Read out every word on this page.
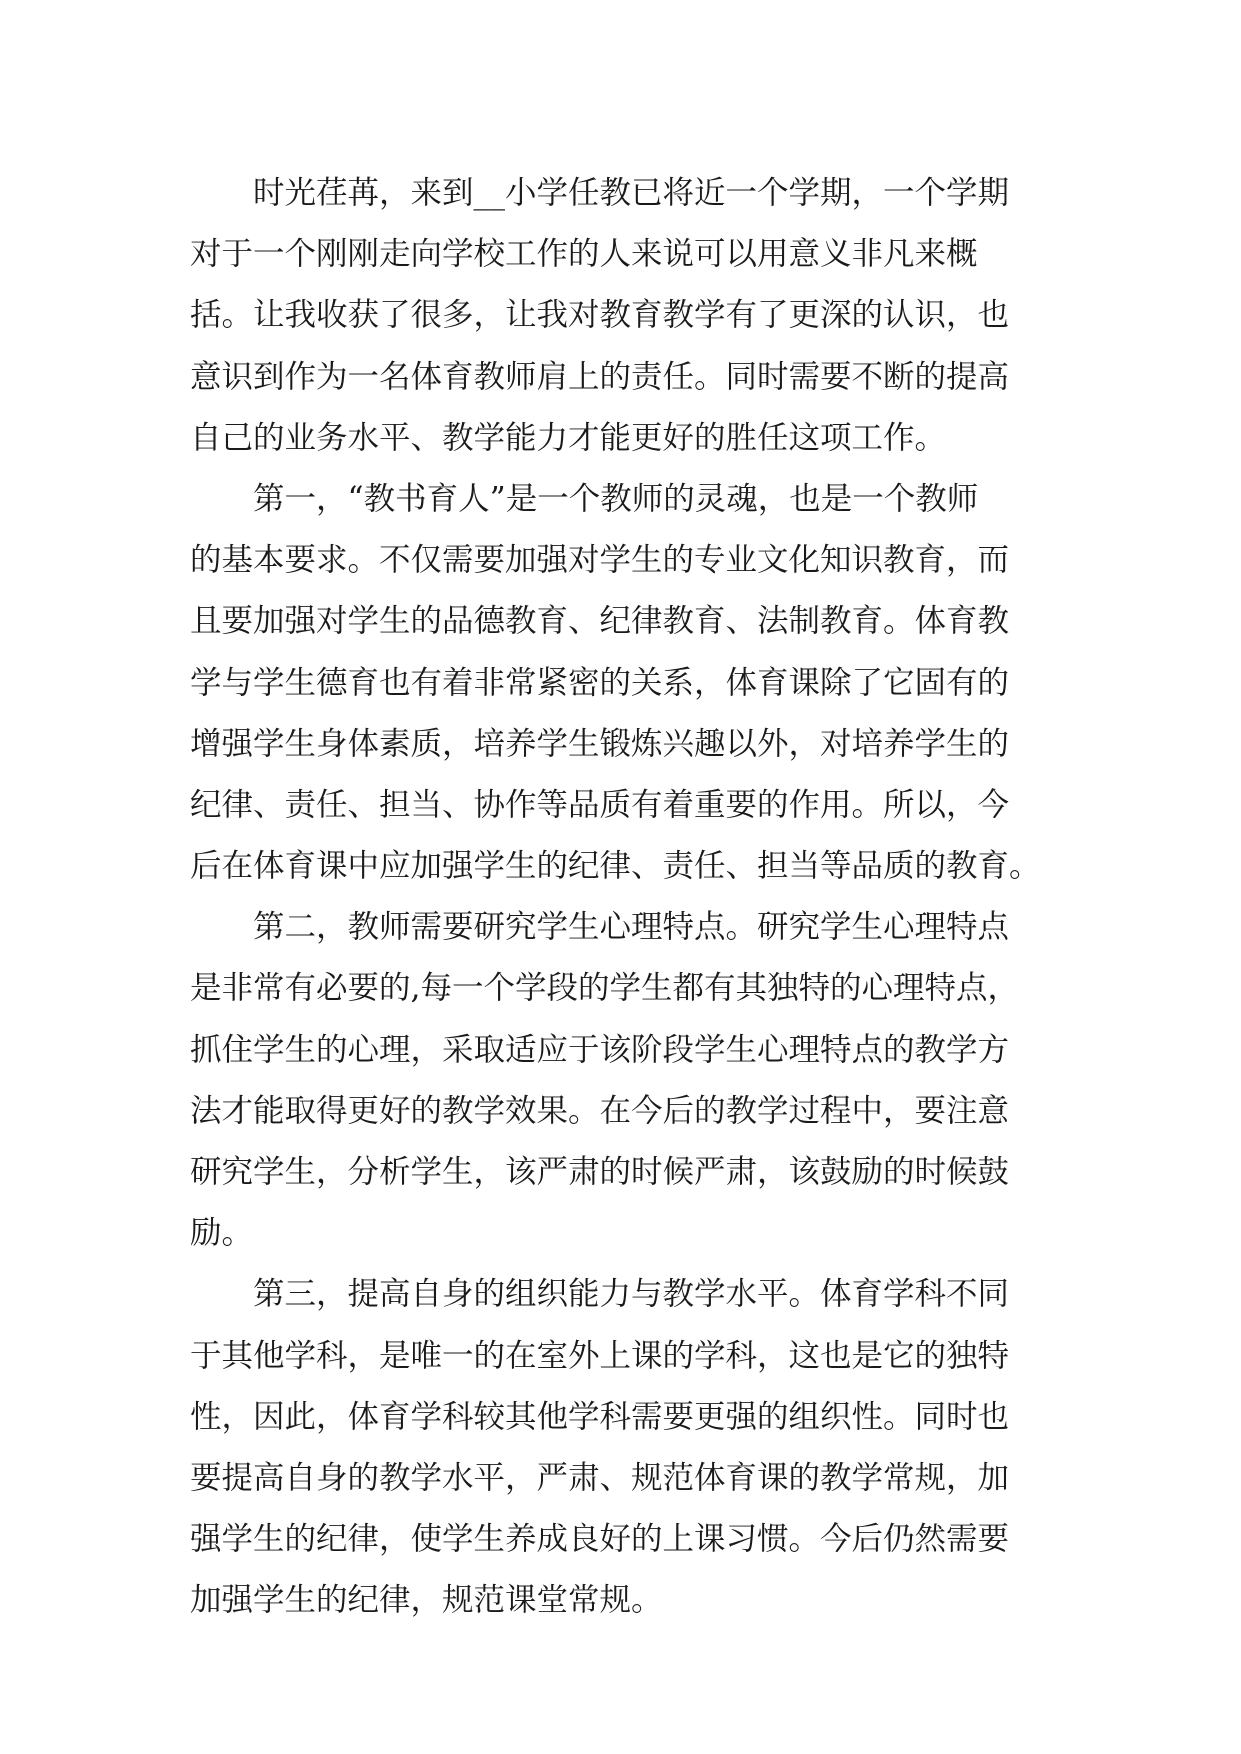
时光荏苒，来到__小学任教已将近一个学期，一个学期
对于一个刚刚走向学校工作的人来说可以用意义非凡来概
括。让我收获了很多，让我对教育教学有了更深的认识，也
意识到作为一名体育教师肩上的责任。同时需要不断的提高
自己的业务水平、教学能力才能更好的胜任这项工作。
第一，“教书育人”是一个教师的灵魂，也是一个教师
的基本要求。不仅需要加强对学生的专业文化知识教育，而
且要加强对学生的品德教育、纪律教育、法制教育。体育教
学与学生德育也有着非常紧密的关系，体育课除了它固有的
增强学生身体素质，培养学生锻炼兴趣以外，对培养学生的
纪律、责任、担当、协作等品质有着重要的作用。所以，今
后在体育课中应加强学生的纪律、责任、担当等品质的教育。
第二，教师需要研究学生心理特点。研究学生心理特点
是非常有必要的,每一个学段的学生都有其独特的心理特点，
抓住学生的心理，采取适应于该阶段学生心理特点的教学方
法才能取得更好的教学效果。在今后的教学过程中，要注意
研究学生，分析学生，该严肃的时候严肃，该鼓励的时候鼓
励。
第三，提高自身的组织能力与教学水平。体育学科不同
于其他学科，是唯一的在室外上课的学科，这也是它的独特
性，因此，体育学科较其他学科需要更强的组织性。同时也
要提高自身的教学水平，严肃、规范体育课的教学常规，加
强学生的纪律，使学生养成良好的上课习惯。今后仍然需要
加强学生的纪律，规范课堂常规。
